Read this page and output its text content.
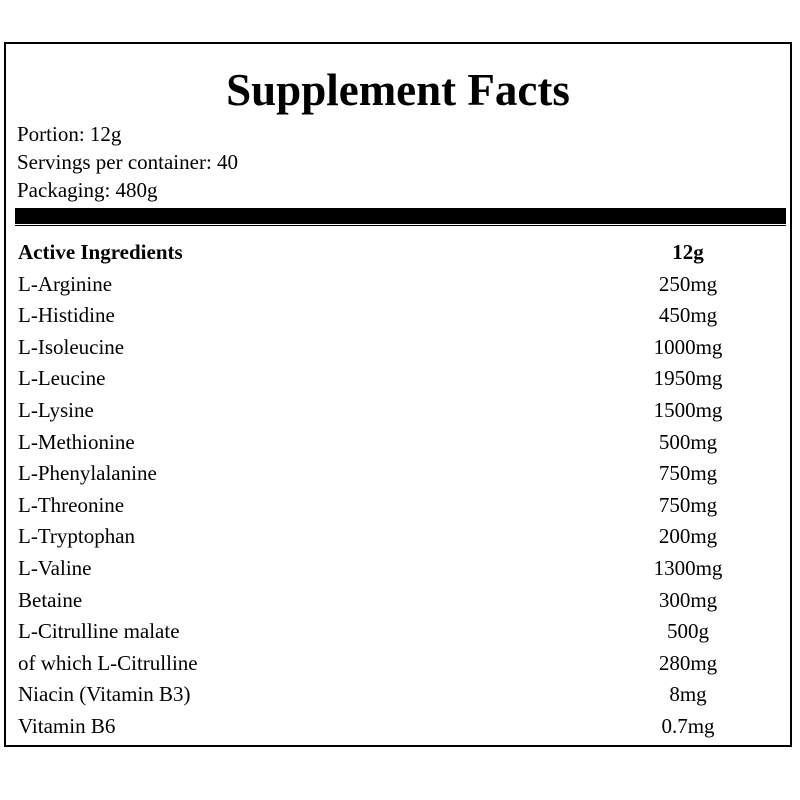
Supplement Facts
Portion: 12g
Servings per container: 40
Packaging: 480g
Active Ingredients	12g
L-Arginine	250mg
L-Histidine	450mg
L-Isoleucine	1000mg
L-Leucine	1950mg
L-Lysine	1500mg
L-Methionine	500mg
L-Phenylalanine	750mg
L-Threonine	750mg
L-Tryptophan	200mg
L-Valine	1300mg
Betaine	300mg
L-Citrulline malate	500g
of which L-Citrulline	280mg
Niacin (Vitamin B3)	8mg
Vitamin B6	0.7mg
